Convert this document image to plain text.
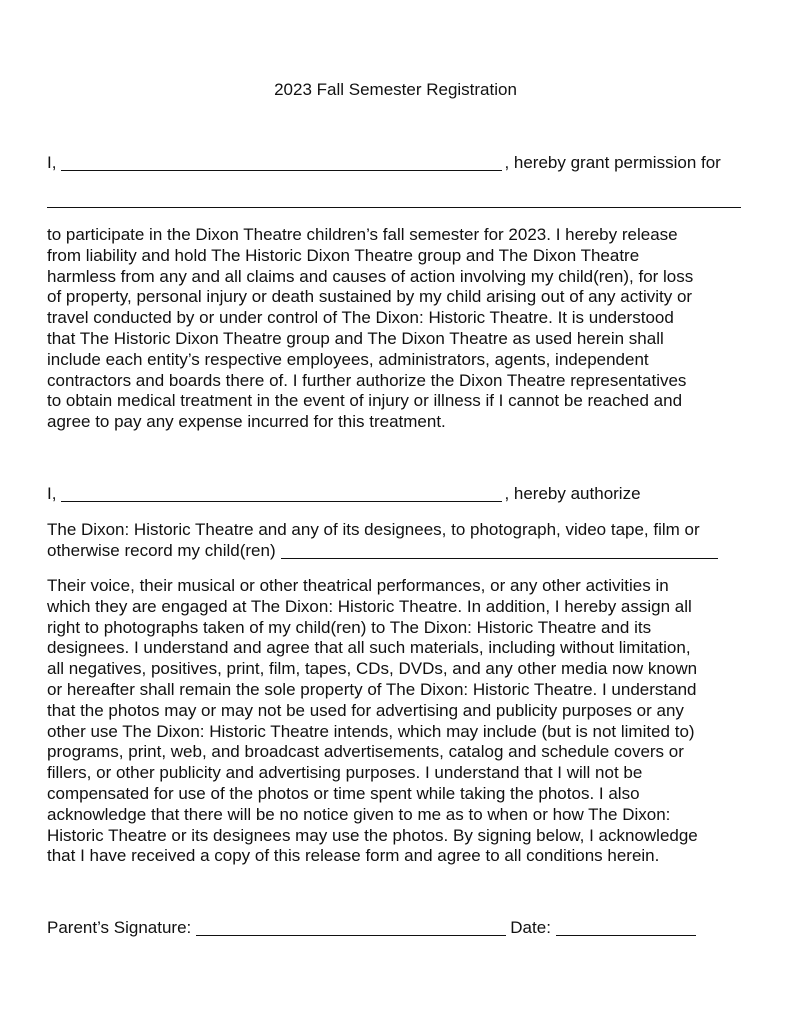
2023 Fall Semester Registration
I,	, hereby grant permission for
to participate in the Dixon Theatre children’s fall semester for 2023. I hereby release
from liability and hold The Historic Dixon Theatre group and The Dixon Theatre
harmless from any and all claims and causes of action involving my child(ren), for loss
of property, personal injury or death sustained by my child arising out of any activity or
travel conducted by or under control of The Dixon: Historic Theatre. It is understood
that The Historic Dixon Theatre group and The Dixon Theatre as used herein shall
include each entity’s respective employees, administrators, agents, independent
contractors and boards there of. I further authorize the Dixon Theatre representatives
to obtain medical treatment in the event of injury or illness if I cannot be reached and
agree to pay any expense incurred for this treatment.
I,	, hereby authorize
The Dixon: Historic Theatre and any of its designees, to photograph, video tape, film or
otherwise record my child(ren)
Their voice, their musical or other theatrical performances, or any other activities in
which they are engaged at The Dixon: Historic Theatre. In addition, I hereby assign all
right to photographs taken of my child(ren) to The Dixon: Historic Theatre and its
designees. I understand and agree that all such materials, including without limitation,
all negatives, positives, print, film, tapes, CDs, DVDs, and any other media now known
or hereafter shall remain the sole property of The Dixon: Historic Theatre. I understand
that the photos may or may not be used for advertising and publicity purposes or any
other use The Dixon: Historic Theatre intends, which may include (but is not limited to)
programs, print, web, and broadcast advertisements, catalog and schedule covers or
fillers, or other publicity and advertising purposes. I understand that I will not be
compensated for use of the photos or time spent while taking the photos. I also
acknowledge that there will be no notice given to me as to when or how The Dixon:
Historic Theatre or its designees may use the photos. By signing below, I acknowledge
that I have received a copy of this release form and agree to all conditions herein.
Parent’s Signature:	Date:
